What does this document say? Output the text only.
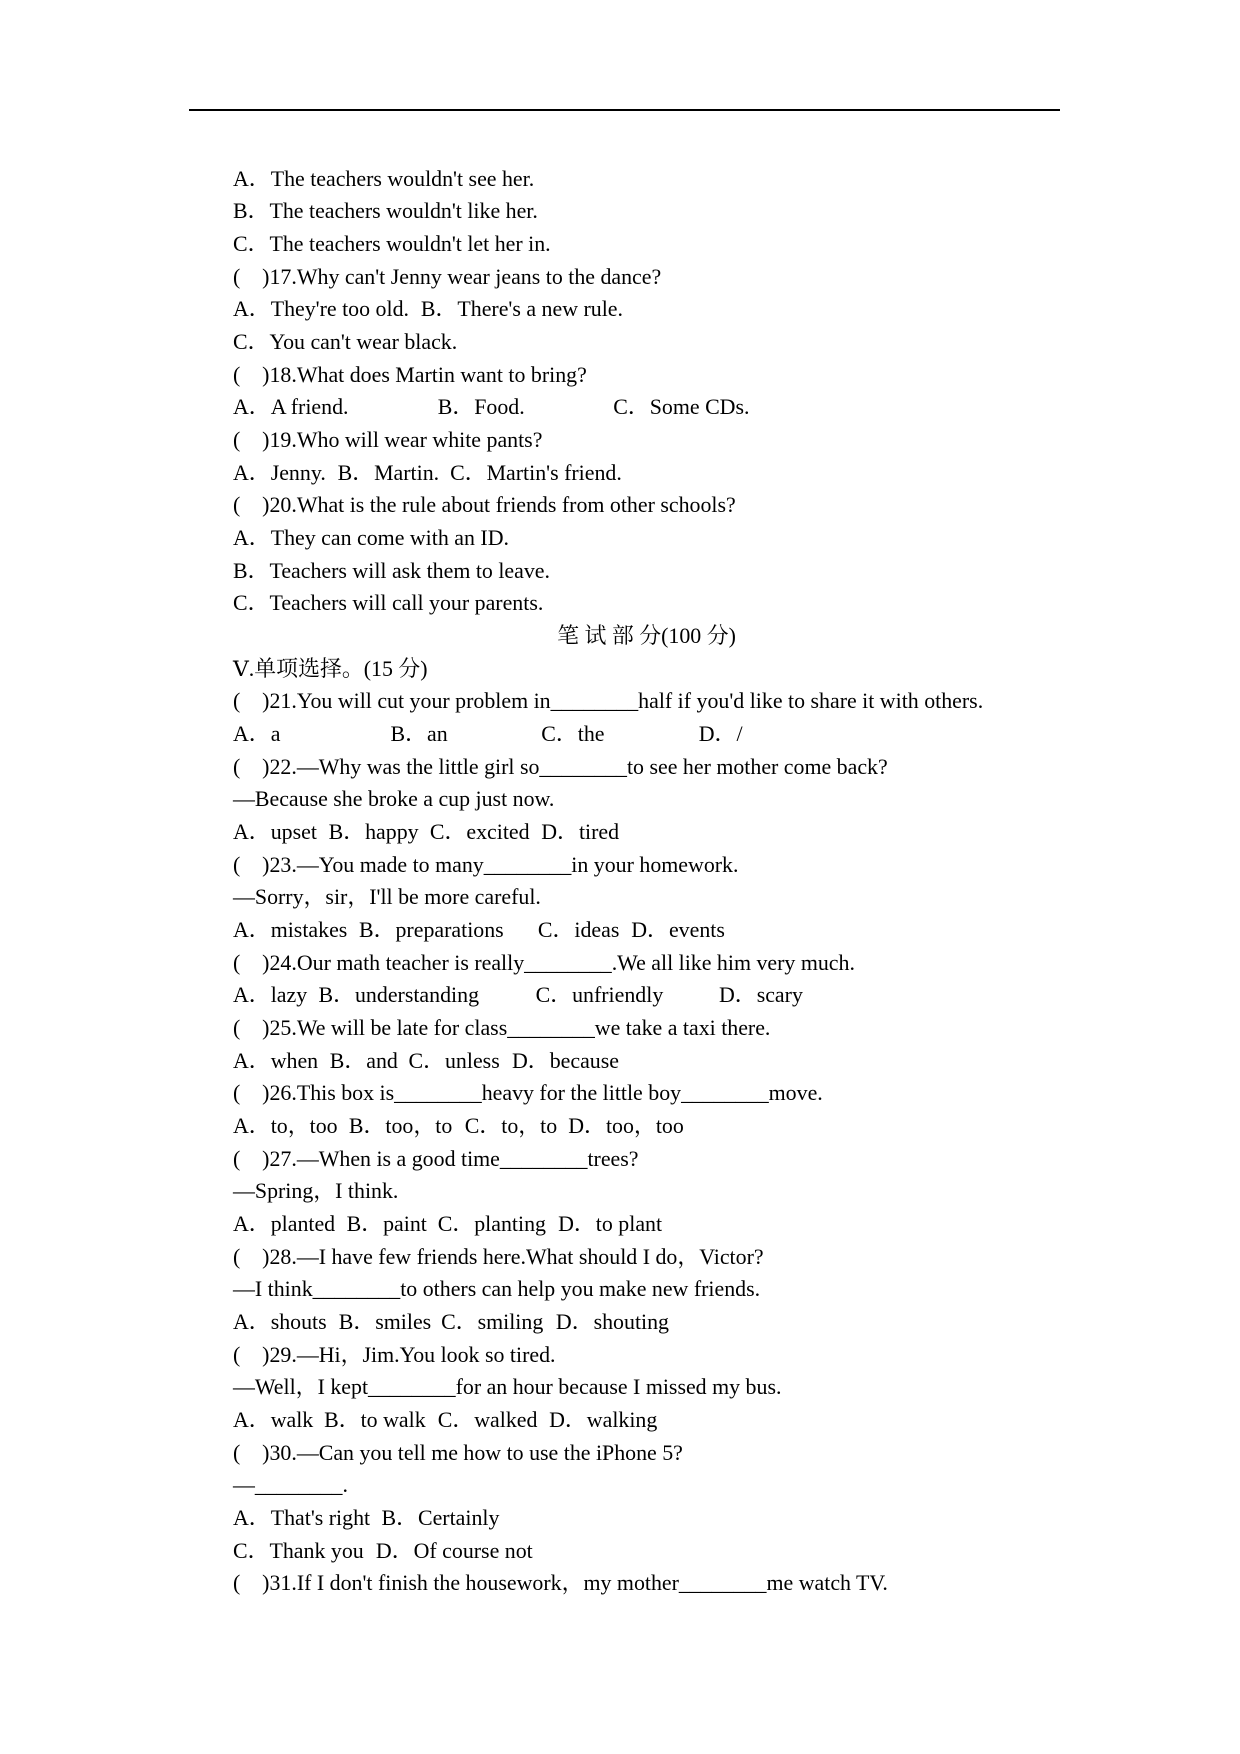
A．The teachers wouldn't see her.
B．The teachers wouldn't like her.
C．The teachers wouldn't let her in.
(　)17.Why can't Jenny wear jeans to the dance?
A．They're too old. B．There's a new rule.
C．You can't wear black.
(　)18.What does Martin want to bring?
A．A friend.	B．Food.	C．Some CDs.
(　)19.Who will wear white pants?
A．Jenny. B．Martin. C．Martin's friend.
(　)20.What is the rule about friends from other schools?
A．They can come with an ID.
B．Teachers will ask them to leave.
C．Teachers will call your parents.
笔 试 部 分(100 分)
Ⅴ.单项选择。(15 分)
(　)21.You will cut your problem in________half if you'd like to share it with others.
A．a	B．an	C．the	D．/
(　)22.—Why was the little girl so________to see her mother come back?
—Because she broke a cup just now.
A．upset B．happy C．excited D．tired
(　)23.—You made to many________in your homework.
—Sorry，sir，I'll be more careful.
A．mistakes B．preparations C．ideas D．events
(　)24.Our math teacher is really________.We all like him very much.
A．lazy B．understanding	C．unfriendly	D．scary
(　)25.We will be late for class________we take a taxi there.
A．when B．and C．unless D．because
(　)26.This box is________heavy for the little boy________move.
A．to，too B．too，to C．to，to D．too，too
(　)27.—When is a good time________trees?
—Spring，I think.
A．planted B．paint C．planting D．to plant
(　)28.—I have few friends here.What should I do，Victor?
—I think________to others can help you make new friends.
A．shouts B．smiles C．smiling D．shouting
(　)29.—Hi，Jim.You look so tired.
—Well，I kept________for an hour because I missed my bus.
A．walk B．to walk C．walked D．walking
(　)30.—Can you tell me how to use the iPhone 5?
—________.
A．That's right B．Certainly
C．Thank you D．Of course not
(　)31.If I don't finish the housework，my mother________me watch TV.
